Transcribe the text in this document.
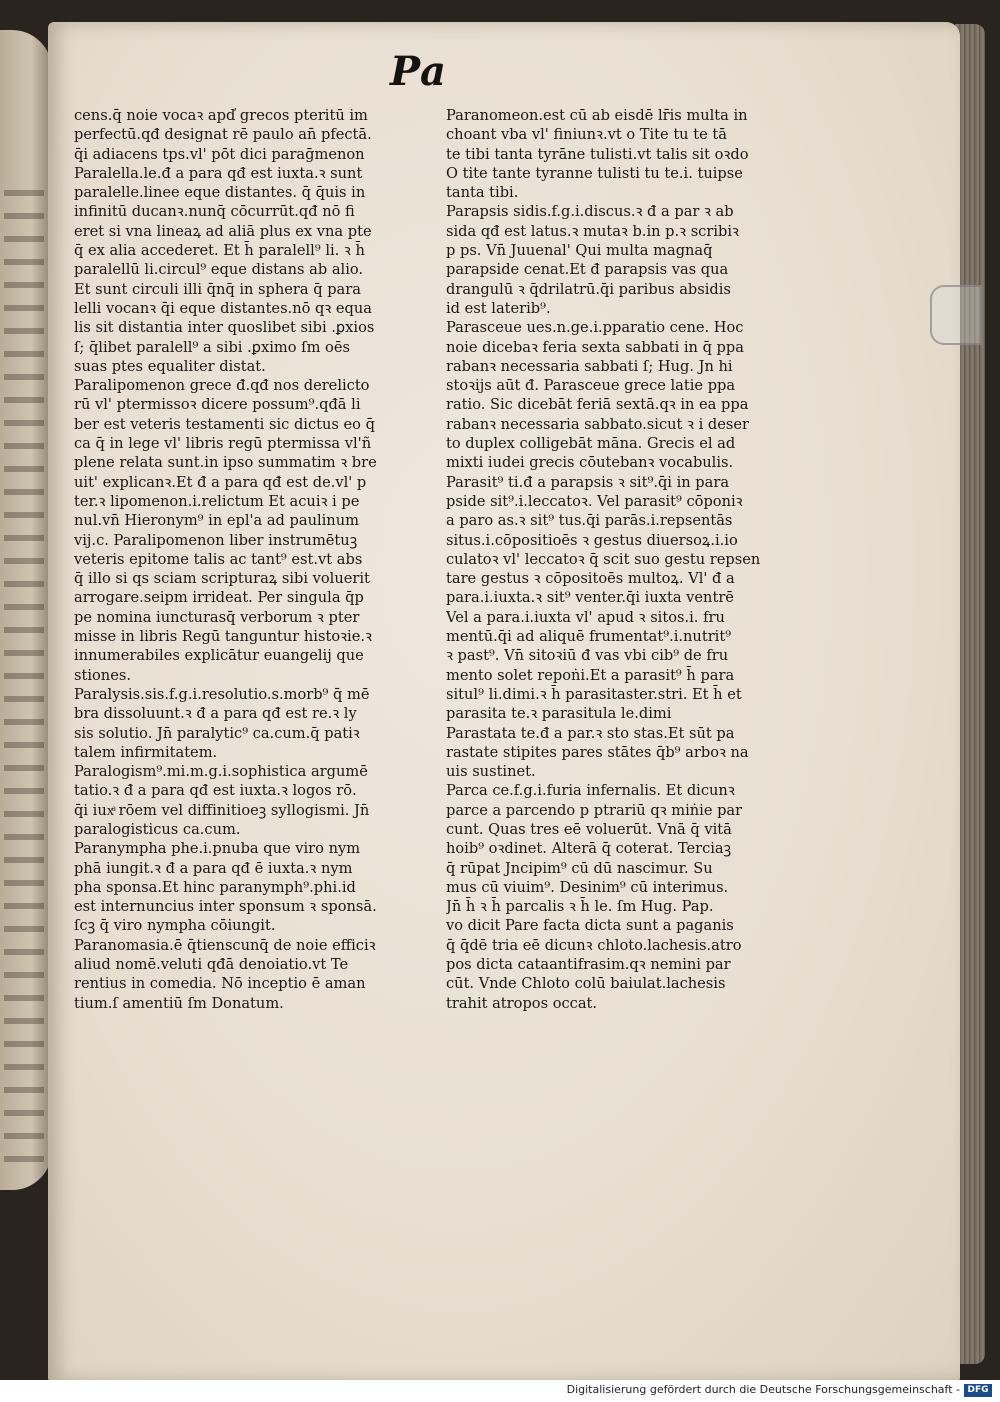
Pa
cens.q̄ noie vocaꝛ apd̕ grecos pteritū im
perfectū.qđ designat rē paulo an̄ pfectā.
q̄i adiacens tps.vl' pōt dici paraḡmenon
Paralella.le.đ a para qđ est iuxta.ꝛ sunt
paralelle.linee eque distantes. q̄ q̄uis in
infinitū ducanꝛ.nunq̄ cōcurrūt.qđ nō fi
eret si vna lineaꝝ ad aliā plus ex vna pte
q̄ ex alia accederet. Et h̄ paralell⁹ li. ꝛ h̄
paralellū li.circul⁹ eque distans ab alio.
Et sunt circuli illi q̄nq̄ in sphera q̄ para
lelli vocanꝛ q̄i eque distantes.nō qꝛ equa
lis sit distantia inter quoslibet sibi .ꝑxios
ſ; q̄libet paralell⁹ a sibi .ꝑximo ſm oēs
suas ptes equaliter distat.
Paralipomenon grece đ.qđ nos derelicto
rū vl' ptermissoꝛ dicere possum⁹.qđā li
ber est veteris testamenti sic dictus eo q̄
ca q̄ in lege vl' libris regū ptermissa vl'ñ
plene relata sunt.in ipso summatim ꝛ bre
uit' explicanꝛ.Et đ a para qđ est de.vl' p
ter.ꝛ lipomenon.i.relictum Et acuiꝛ i pe
nul.vn̄ Hieronym⁹ in epl'a ad paulinum
vij.c. Paralipomenon liber instrumētuꝫ
veteris epitome talis ac tant⁹ est.vt abs
q̄ illo si qs sciam scripturaꝝ sibi voluerit
arrogare.seipm irrideat. Per singula q̄p
pe nomina iuncturasq̄ verborum ꝛ pter
misse in libris Regū tanguntur histoꝛie.ꝛ
innumerabiles explicātur euangelij que
stiones.
Paralysis.sis.f.g.i.resolutio.s.morb⁹ q̄ mē
bra dissoluunt.ꝛ đ a para qđ est re.ꝛ ly
sis solutio. Jn̄ paralytic⁹ ca.cum.q̄ patiꝛ
talem infirmitatem.
Paralogism⁹.mi.m.g.i.sophistica argumē
tatio.ꝛ đ a para qđ est iuxta.ꝛ logos rō.
q̄i iuxͣ rōem vel diffinitioeꝫ syllogismi. Jn̄
paralogisticus ca.cum.
Paranympha phe.i.pnuba que viro nym
phā iungit.ꝛ đ a para qđ ē iuxta.ꝛ nym
pha sponsa.Et hinc paranymph⁹.phi.id
est internuncius inter sponsum ꝛ sponsā.
ſcꝫ q̄ viro nympha cōiungit.
Paranomasia.ē q̄tienscunq̄ de noie efficiꝛ
aliud nomē.veluti qđā denoiatio.vt Te
rentius in comedia. Nō inceptio ē aman
tium.ſ amentiū ſm Donatum.
Paranomeon.est cū ab eisdē lr̄is multa in
choant vba vl' finiunꝛ.vt o Tite tu te tā
te tibi tanta tyrāne tulisti.vt talis sit oꝛdo
O tite tante tyranne tulisti tu te.i. tuipse
tanta tibi.
Parapsis sidis.f.g.i.discus.ꝛ đ a par ꝛ ab
sida qđ est latus.ꝛ mutaꝛ b.in p.ꝛ scribiꝛ
p ps. Vn̄ Juuenal' Qui multa magnaq̄
parapside cenat.Et đ parapsis vas qua
drangulū ꝛ q̄drilatrū.q̄i paribus absidis
id est laterib⁹.
Parasceue ues.n.ge.i.pparatio cene. Hoc
noie dicebaꝛ feria sexta sabbati in q̄ ppa
rabanꝛ necessaria sabbati ſ; Hug. Jn hi
stoꝛijs aūt đ. Parasceue grece latie ppa
ratio. Sic dicebāt feriā sextā.qꝛ in ea ppa
rabanꝛ necessaria sabbato.sicut ꝛ i deser
to duplex colligebāt māna. Grecis el ad
mixti iudei grecis cōutebanꝛ vocabulis.
Parasit⁹ ti.đ a parapsis ꝛ sit⁹.q̄i in para
pside sit⁹.i.leccatoꝛ. Vel parasit⁹ cōponiꝛ
a paro as.ꝛ sit⁹ tus.q̄i parās.i.repsentās
situs.i.cōpositioēs ꝛ gestus diuersoꝝ.i.io
culatoꝛ vl' leccatoꝛ q̄ scit suo gestu repsen
tare gestus ꝛ cōpositoēs multoꝝ. Vl' đ a
para.i.iuxta.ꝛ sit⁹ venter.q̄i iuxta ventrē
Vel a para.i.iuxta vl' apud ꝛ sitos.i. fru
mentū.q̄i ad aliquē frumentat⁹.i.nutrit⁹
ꝛ past⁹. Vn̄ sitoꝛiū đ vas vbi cib⁹ de fru
mento solet repoṅi.Et a parasit⁹ h̄ para
situl⁹ li.dimi.ꝛ h̄ parasitaster.stri. Et h̄ et
parasita te.ꝛ parasitula le.dimi
Parastata te.đ a par.ꝛ sto stas.Et sūt pa
rastate stipites pares stātes q̄b⁹ arboꝛ na
uis sustinet.
Parca ce.f.g.i.furia infernalis. Et dicunꝛ
parce a parcendo p ptrariū qꝛ miṅie par
cunt. Quas tres eē voluerūt. Vnā q̄ vitā
hoib⁹ oꝛdinet. Alterā q̄ coterat. Terciaꝫ
q̄ rūpat Jncipim⁹ cū dū nascimur. Su
mus cū viuim⁹. Desinim⁹ cū interimus.
Jn̄ h̄ ꝛ h̄ parcalis ꝛ h̄ le. ſm Hug. Pap.
vo dicit Pare facta dicta sunt a paganis
q̄ q̄dē tria eē dicunꝛ chloto.lachesis.atro
pos dicta cataantifrasim.qꝛ nemini par
cūt. Vnde Chloto colū baiulat.lachesis
trahit atropos occat.
Digitalisierung gefördert durch die Deutsche Forschungsgemeinschaft - DFG
